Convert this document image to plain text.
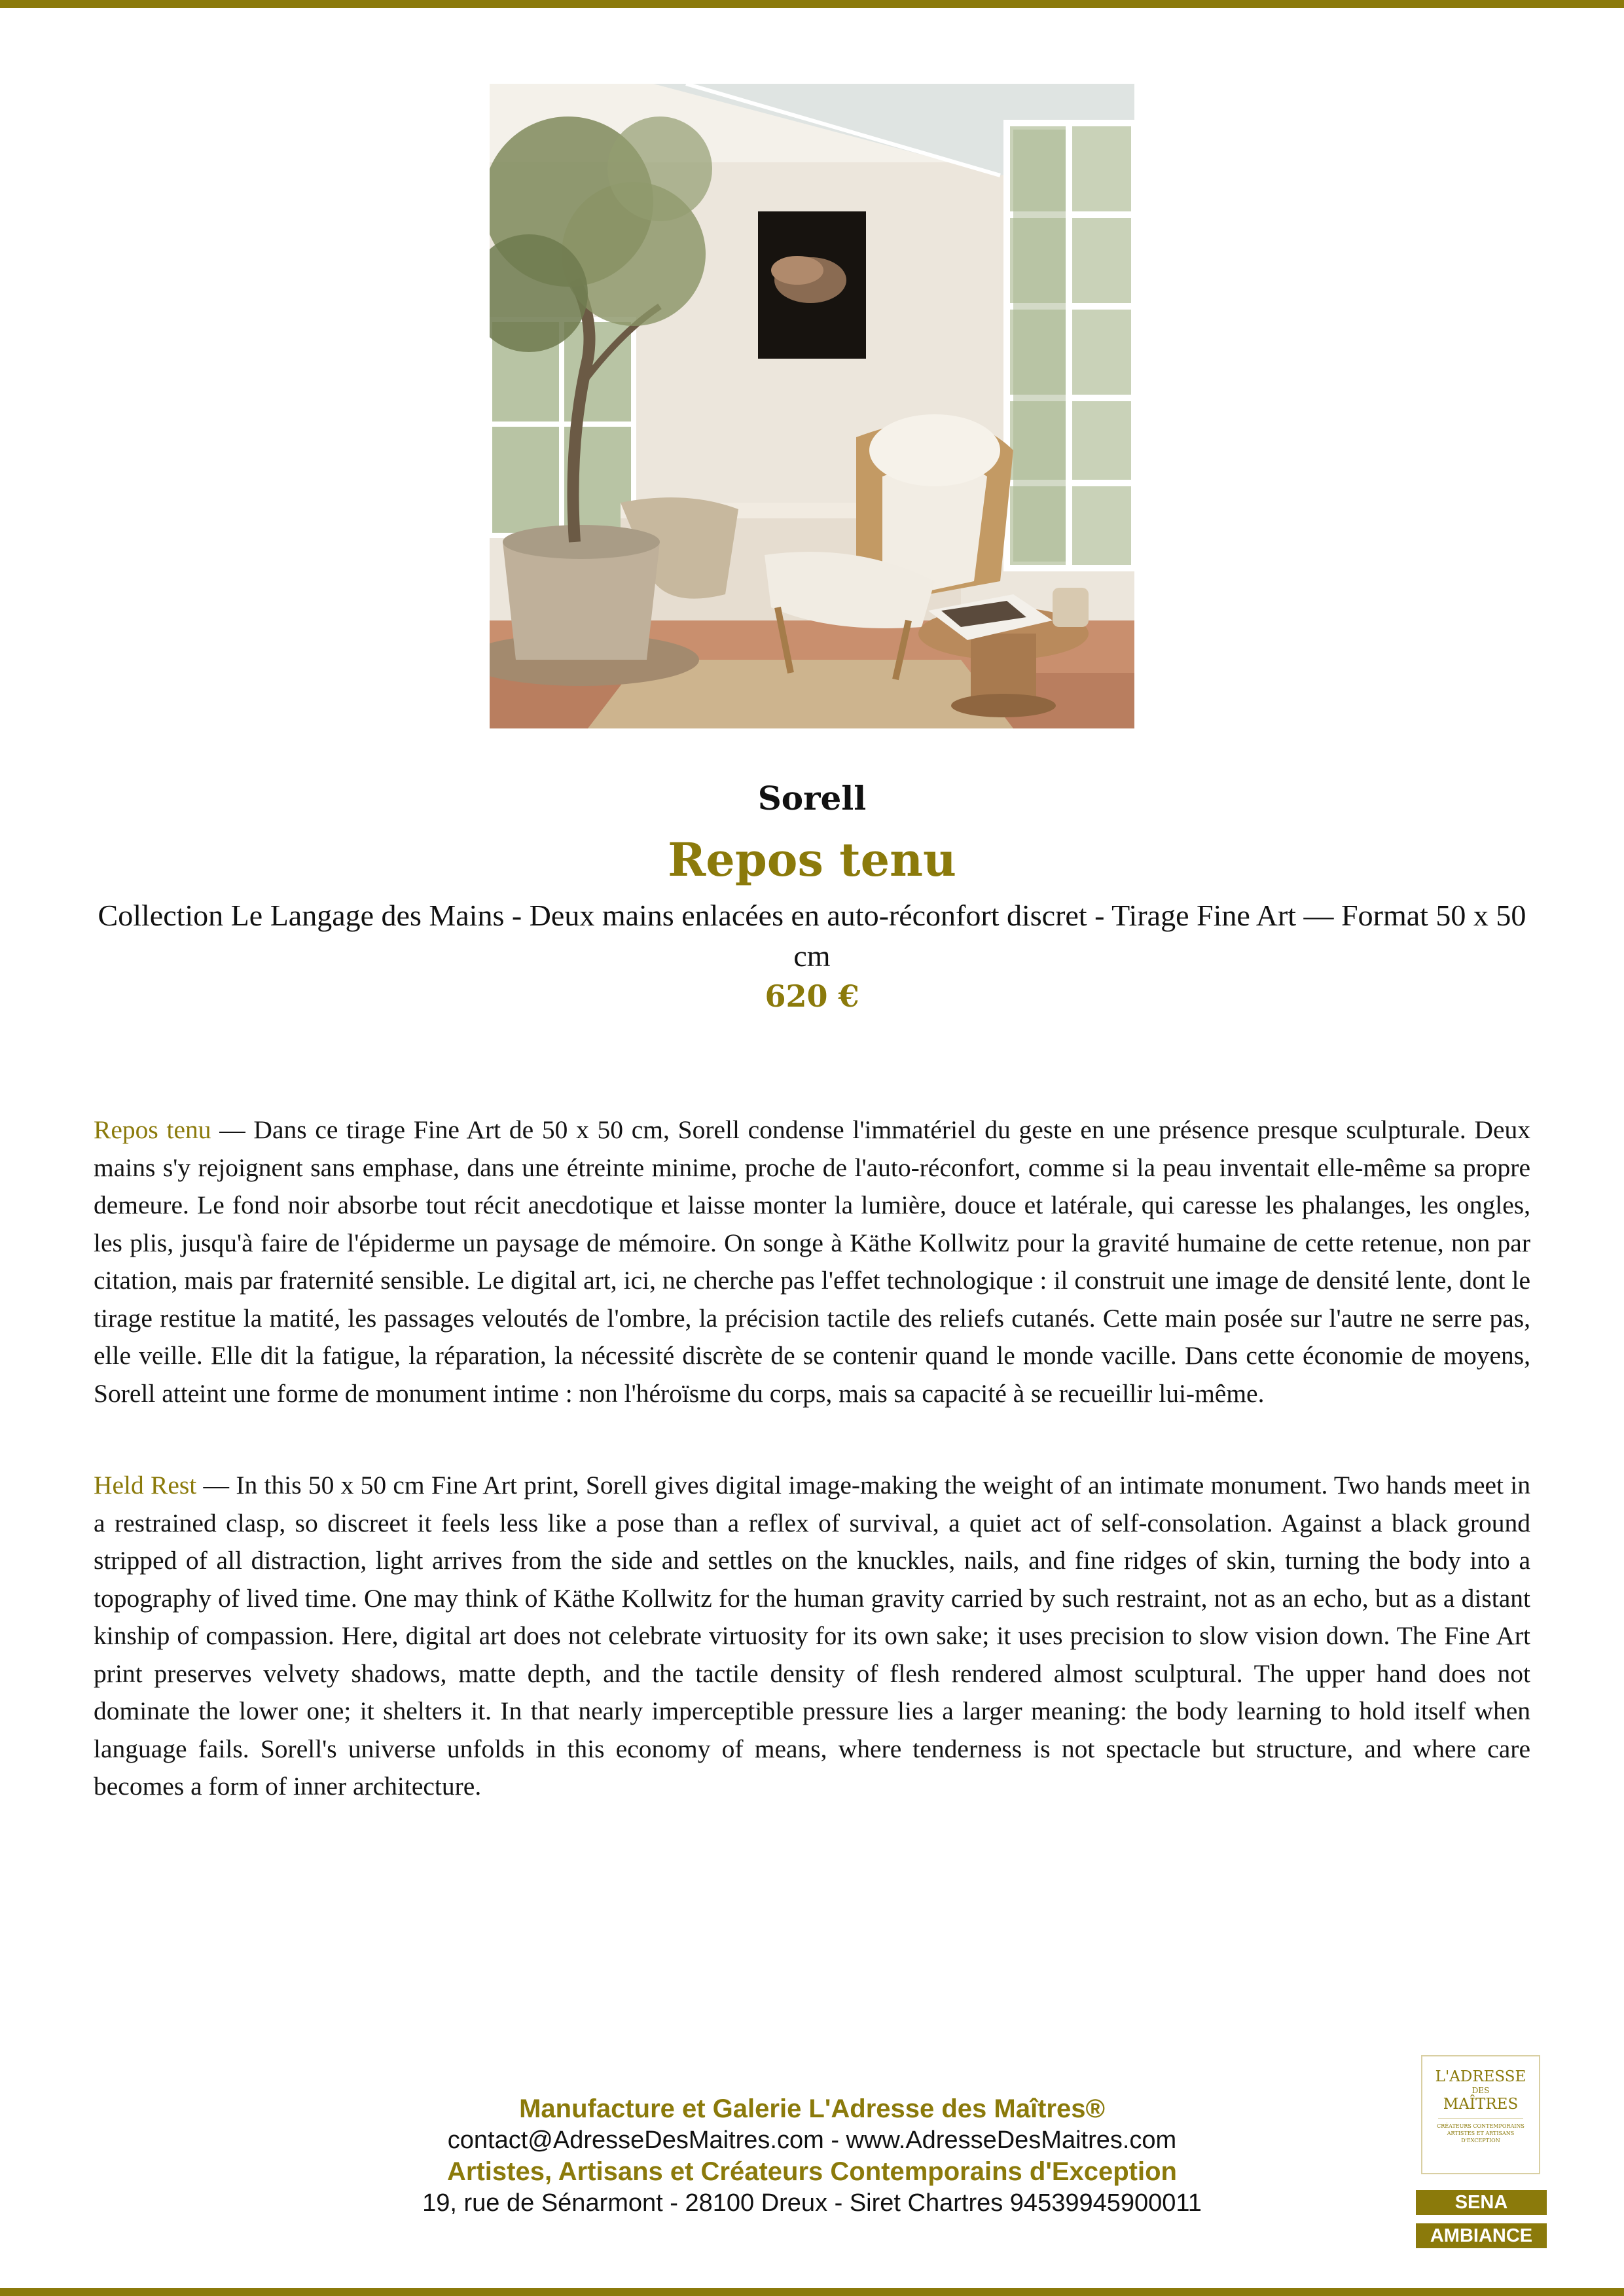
Sorell
Repos tenu
Collection Le Langage des Mains - Deux mains enlacées en auto-réconfort discret - Tirage Fine Art — Format 50 x 50 cm
620 €

Repos tenu — Dans ce tirage Fine Art de 50 x 50 cm, Sorell condense l'immatériel du geste en une présence presque sculpturale. Deux mains s'y rejoignent sans emphase, dans une étreinte minime, proche de l'auto-réconfort, comme si la peau inventait elle-même sa propre demeure. Le fond noir absorbe tout récit anecdotique et laisse monter la lumière, douce et latérale, qui caresse les phalanges, les ongles, les plis, jusqu'à faire de l'épiderme un paysage de mémoire. On songe à Käthe Kollwitz pour la gravité humaine de cette retenue, non par citation, mais par fraternité sensible. Le digital art, ici, ne cherche pas l'effet technologique : il construit une image de densité lente, dont le tirage restitue la matité, les passages veloutés de l'ombre, la précision tactile des reliefs cutanés. Cette main posée sur l'autre ne serre pas, elle veille. Elle dit la fatigue, la réparation, la nécessité discrète de se contenir quand le monde vacille. Dans cette économie de moyens, Sorell atteint une forme de monument intime : non l'héroïsme du corps, mais sa capacité à se recueillir lui-même.

Held Rest — In this 50 x 50 cm Fine Art print, Sorell gives digital image-making the weight of an intimate monument. Two hands meet in a restrained clasp, so discreet it feels less like a pose than a reflex of survival, a quiet act of self-consolation. Against a black ground stripped of all distraction, light arrives from the side and settles on the knuckles, nails, and fine ridges of skin, turning the body into a topography of lived time. One may think of Käthe Kollwitz for the human gravity carried by such restraint, not as an echo, but as a distant kinship of compassion. Here, digital art does not celebrate virtuosity for its own sake; it uses precision to slow vision down. The Fine Art print preserves velvety shadows, matte depth, and the tactile density of flesh rendered almost sculptural. The upper hand does not dominate the lower one; it shelters it. In that nearly imperceptible pressure lies a larger meaning: the body learning to hold itself when language fails. Sorell's universe unfolds in this economy of means, where tenderness is not spectacle but structure, and where care becomes a form of inner architecture.

Manufacture et Galerie L'Adresse des Maîtres®
contact@AdresseDesMaitres.com - www.AdresseDesMaitres.com
Artistes, Artisans et Créateurs Contemporains d'Exception
19, rue de Sénarmont - 28100 Dreux - Siret Chartres 94539945900011
L'ADRESSE
DES
MAÎTRES
CRÉATEURS CONTEMPORAINS ARTISTES ET ARTISANS D'EXCEPTION
SENA
AMBIANCE
